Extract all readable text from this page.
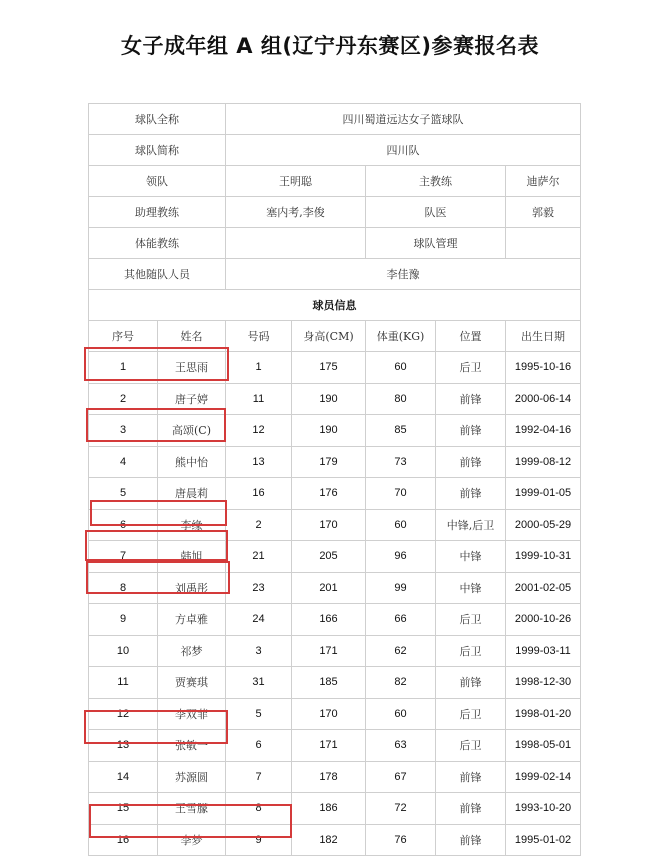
女子成年组 A 组(辽宁丹东赛区)参赛报名表
球队全称		四川蜀道远达女子篮球队				
球队简称		四川队				
领队		王明聪		主教练		迪萨尔
助理教练		塞内考,李俊		队医		郭毅
体能教练				球队管理		
其他随队人员		李佳豫				
球员信息						
序号	姓名	号码	身高(CM)	体重(KG)	位置	出生日期
1	王思雨	1	175	60	后卫	1995-10-16
2	唐子婷	11	190	80	前锋	2000-06-14
3	高颂(C)	12	190	85	前锋	1992-04-16
4	熊中怡	13	179	73	前锋	1999-08-12
5	唐晨莉	16	176	70	前锋	1999-01-05
6	李缘	2	170	60	中锋,后卫	2000-05-29
7	韩旭	21	205	96	中锋	1999-10-31
8	刘禹彤	23	201	99	中锋	2001-02-05
9	方卓雅	24	166	66	后卫	2000-10-26
10	祁梦	3	171	62	后卫	1999-03-11
11	贾赛琪	31	185	82	前锋	1998-12-30
12	李双菲	5	170	60	后卫	1998-01-20
13	张敏一	6	171	63	后卫	1998-05-01
14	苏源圆	7	178	67	前锋	1999-02-14
15	王雪朦	8	186	72	前锋	1993-10-20
16	李梦	9	182	76	前锋	1995-01-02
